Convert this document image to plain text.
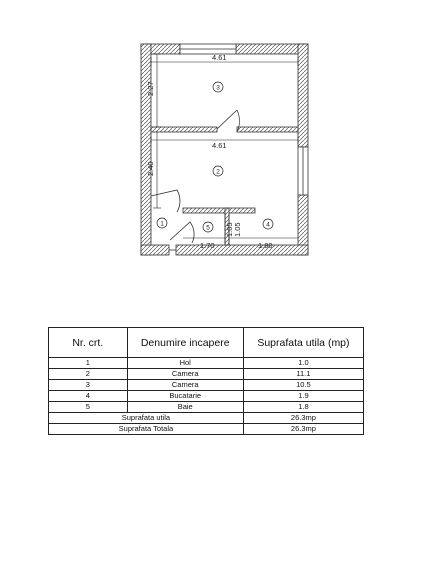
4.61
4.61
2.27
2.40
1.05 1.05
1.70	1.80
3
2
1	4
5
Nr. crt.	Denumire incapere	Suprafata utila (mp)
1	Hol	1.0
2	Camera	11.1
3	Camera	10.5
4	Bucatarie	1.9
5	Baie	1.8
Suprafata utila		26.3mp
Suprafata Totala		26.3mp
